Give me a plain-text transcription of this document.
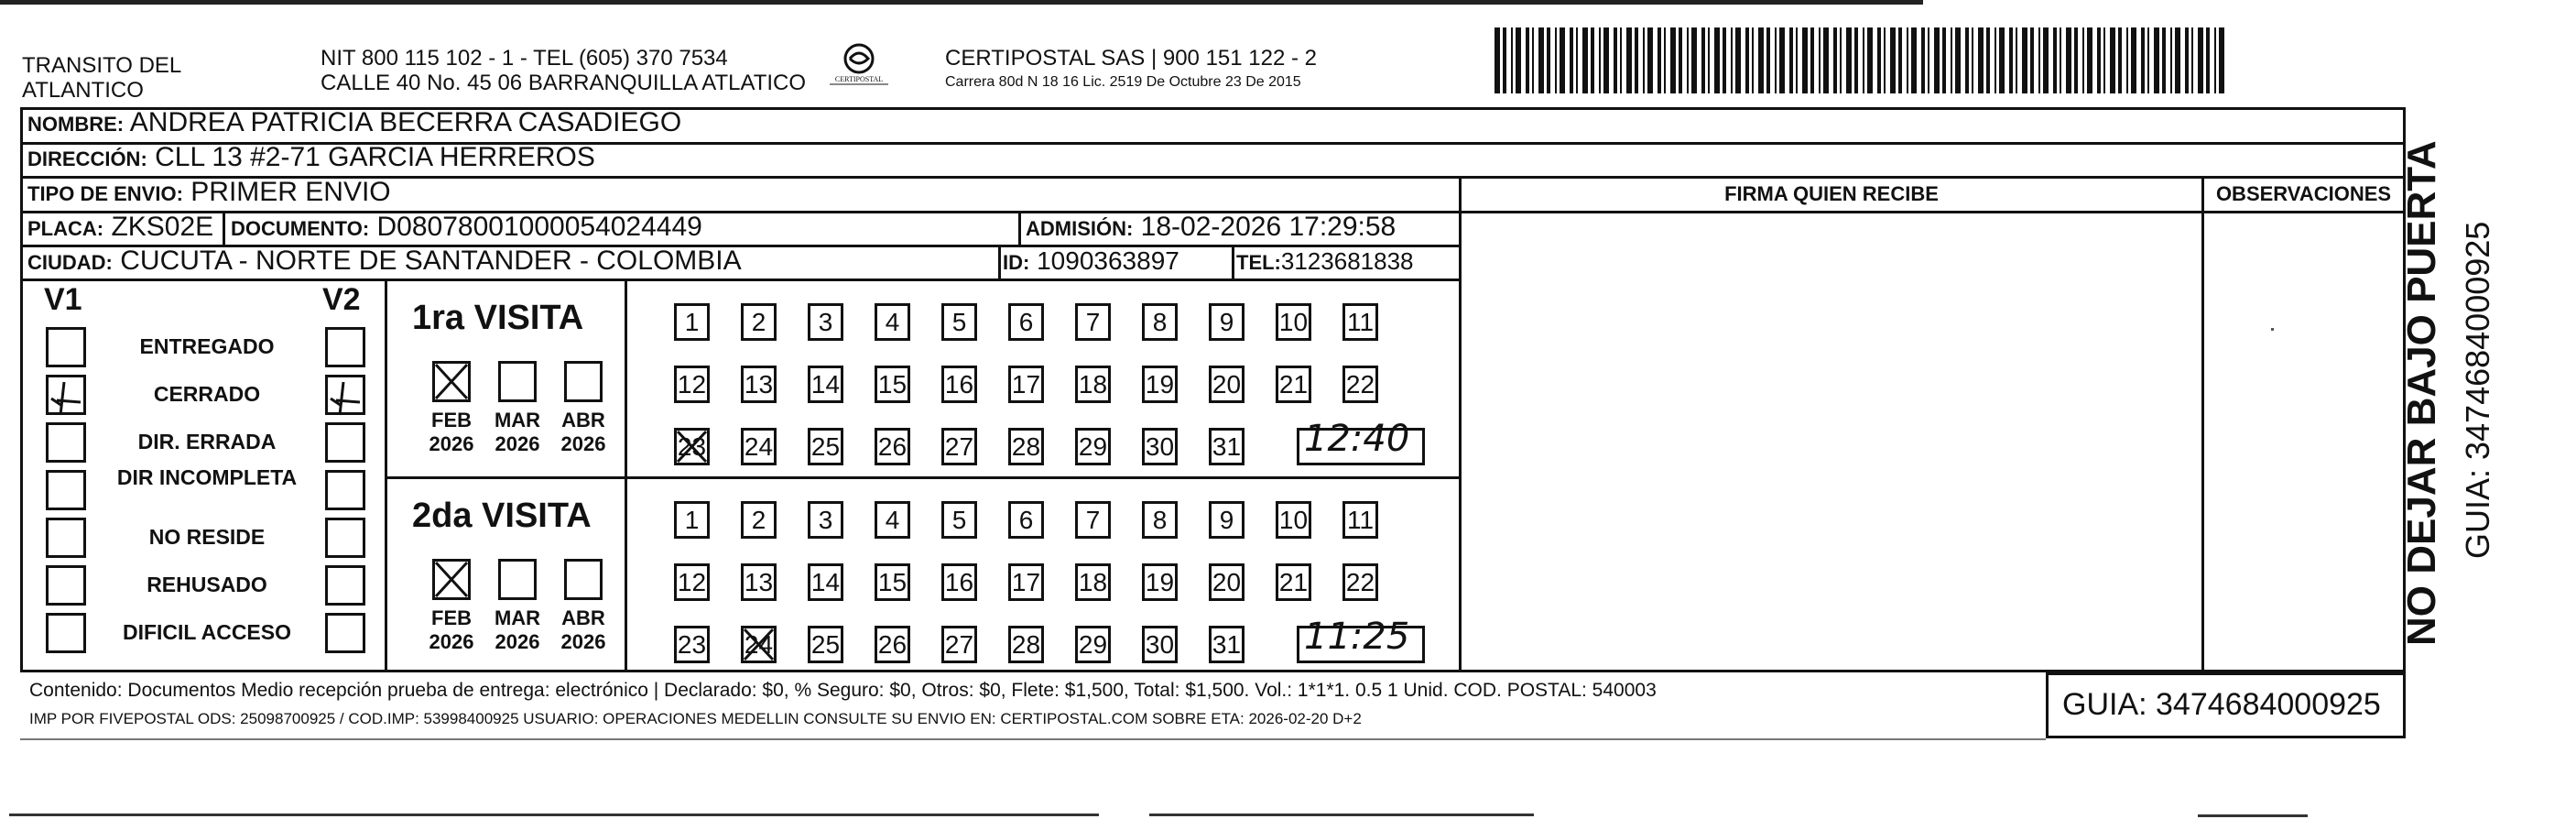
TRANSITO DEL
ATLANTICO
NIT 800 115 102 - 1 - TEL (605) 370 7534
CALLE 40 No. 45 06 BARRANQUILLA ATLATICO	CERTIPOSTAL
CERTIPOSTAL SAS | 900 151 122 - 2
Carrera 80d N 18 16 Lic. 2519 De Octubre 23 De 2015
NOMBRE: ANDREA PATRICIA BECERRA CASADIEGO
DIRECCIÓN: CLL 13 #2-71 GARCIA HERREROS
TIPO DE ENVIO: PRIMER ENVIO
PLACA: ZKS02E DOCUMENTO: D08078001000054024449	ADMISIÓN: 18-02-2026 17:29:58
CIUDAD: CUCUTA - NORTE DE SANTANDER - COLOMBIA	ID: 1090363897	TEL:3123681838
FIRMA QUIEN RECIBE	OBSERVACIONES
V1	V2
Contenido: Documentos Medio recepción prueba de entrega: electrónico | Declarado: $0, % Seguro: $0, Otros: $0, Flete: $1,500, Total: $1,500. Vol.: 1*1*1. 0.5 1 Unid. COD. POSTAL: 540003
IMP POR FIVEPOSTAL ODS: 25098700925 / COD.IMP: 53998400925 USUARIO: OPERACIONES MEDELLIN CONSULTE SU ENVIO EN: CERTIPOSTAL.COM SOBRE ETA: 2026-02-20 D+2	GUIA: 3474684000925
NO DEJAR BAJO PUERTA GUIA: 3474684000925
ENTREGADO
CERRADO
DIR. ERRADA
DIR INCOMPLETA
NO RESIDE
REHUSADO
DIFICIL ACCESO
1ra VISITA
FEB
2026
MAR
2026
ABR
2026
1	2	3	4	5	6	7	8	9	10 11
12 13 14 15 16 17 18 19 20 21 22
23 24 25 26 27 28 29 30 31 12:40
2da VISITA
FEB
2026
MAR
2026
ABR
2026
1	2	3	4	5	6	7	8	9	10 11
12 13 14 15 16 17 18 19 20 21 22
23 24 25 26 27 28 29 30 31 11:25
